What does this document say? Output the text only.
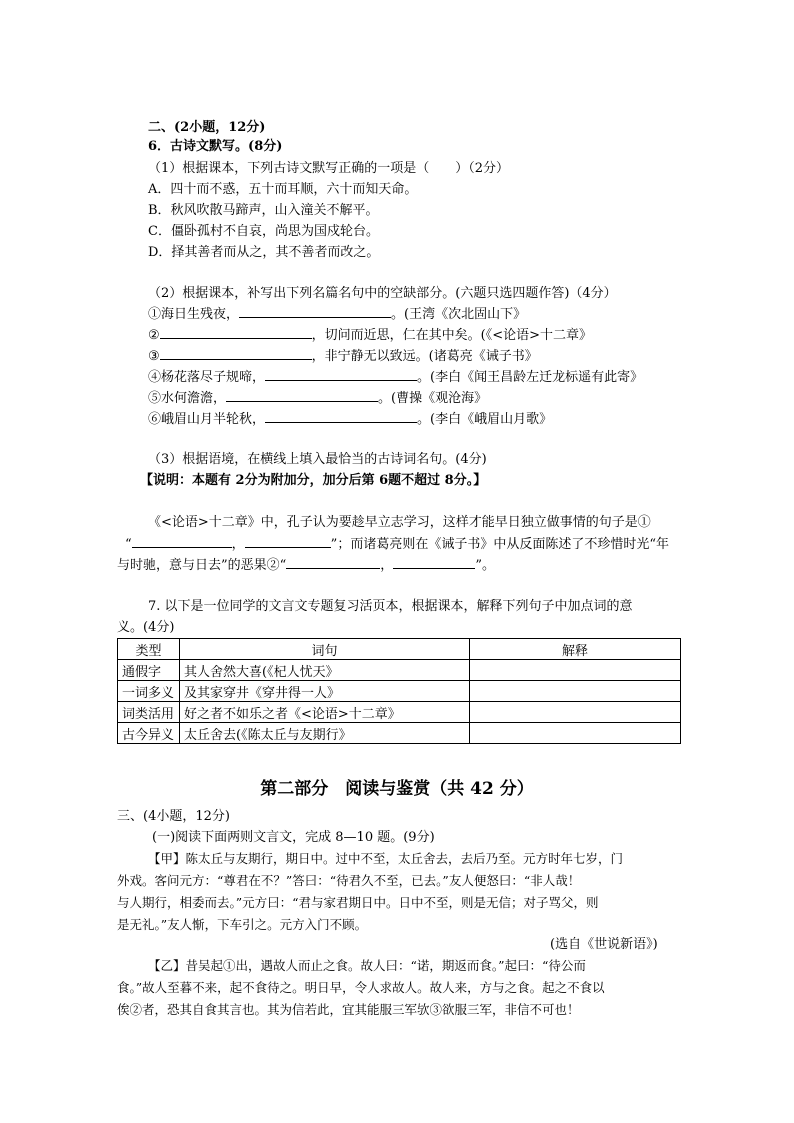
二、(2小题，12分)
6．古诗文默写。(8分)
（1）根据课本，下列古诗文默写正确的一项是（　　）（2分）
A．四十而不惑，五十而耳顺，六十而知天命。
B．秋风吹散马蹄声，山入潼关不解平。
C．僵卧孤村不自哀，尚思为国戍轮台。
D．择其善者而从之，其不善者而改之。
（2）根据课本，补写出下列名篇名句中的空缺部分。(六题只选四题作答)（4分）
①海日生残夜，	。(王湾《次北固山下》
②	，切问而近思，仁在其中矣。(《<论语>十二章》
③	，非宁静无以致远。(诸葛亮《诫子书》
④杨花落尽子规啼，	。(李白《闻王昌龄左迁龙标遥有此寄》
⑤水何澹澹，	。(曹操《观沧海》
⑥峨眉山月半轮秋，	。(李白《峨眉山月歌》
（3）根据语境，在横线上填入最恰当的古诗词名句。(4分)
【说明：本题有 2分为附加分，加分后第 6题不超过 8分。】
《<论语>十二章》中，孔子认为要趁早立志学习，这样才能早日独立做事情的句子是①
“	，	”；而诸葛亮则在《诫子书》中从反面陈述了不珍惜时光“年
与时驰，意与日去”的恶果②“	，	”。
7. 以下是一位同学的文言文专题复习活页本，根据课本，解释下列句子中加点词的意
义。(4分)
类型	词句	解释
通假字	其人舍然大喜(《杞人忧天》	
一词多义	及其家穿井《穿井得一人》	
词类活用	好之者不如乐之者《<论语>十二章》	
古今异义	太丘舍去(《陈太丘与友期行》	
第二部分　阅读与鉴赏（共 42 分）
三、(4小题，12分)
(一)阅读下面两则文言文，完成 8—10 题。(9分)
【甲】陈太丘与友期行，期日中。过中不至，太丘舍去，去后乃至。元方时年七岁，门
外戏。客问元方：“尊君在不？”答曰：“待君久不至，已去。”友人便怒曰：“非人哉！
与人期行，相委而去。”元方曰：“君与家君期日中。日中不至，则是无信；对子骂父，则
是无礼。”友人惭，下车引之。元方入门不顾。
(选自《世说新语》)
【乙】昔吴起①出，遇故人而止之食。故人曰：“诺，期返而食。”起曰：“待公而
食。”故人至暮不来，起不食待之。明日早，令人求故人。故人来，方与之食。起之不食以
俟②者，恐其自食其言也。其为信若此，宜其能服三军欤③欲服三军，非信不可也！
